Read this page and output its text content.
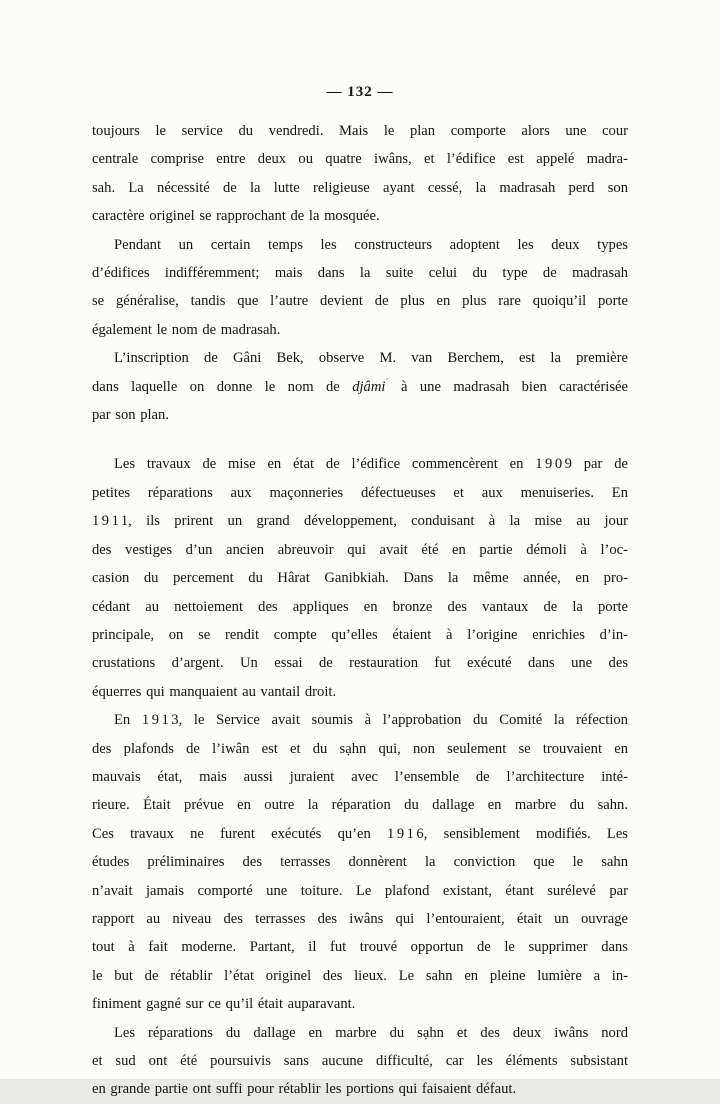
— 132 —
toujours le service du vendredi. Mais le plan comporte alors une cour
centrale comprise entre deux ou quatre iwâns, et l’édifice est appelé madra-
sah. La nécessité de la lutte religieuse ayant cessé, la madrasah perd son
caractère originel se rapprochant de la mosquée.
Pendant un certain temps les constructeurs adoptent les deux types
d’édifices indifféremment; mais dans la suite celui du type de madrasah
se généralise, tandis que l’autre devient de plus en plus rare quoiqu’il porte
également le nom de madrasah.
L’inscription de Gâni Bek, observe M. van Berchem, est la première
dans laquelle on donne le nom de djâmi$^ʿ$ à une madrasah bien caractérisée
par son plan.
Les travaux de mise en état de l’édifice commencèrent en 1909 par de
petites réparations aux maçonneries défectueuses et aux menuiseries. En
1911, ils prirent un grand développement, conduisant à la mise au jour
des vestiges d’un ancien abreuvoir qui avait été en partie démoli à l’oc-
casion du percement du Hârat Ganibkiah. Dans la même année, en pro-
cédant au nettoiement des appliques en bronze des vantaux de la porte
principale, on se rendit compte qu’elles étaient à l’origine enrichies d’in-
crustations d’argent. Un essai de restauration fut exécuté dans une des
équerres qui manquaient au vantail droit.
En 1913, le Service avait soumis à l’approbation du Comité la réfection
des plafonds de l’iwân est et du sạhn qui, non seulement se trouvaient en
mauvais état, mais aussi juraient avec l’ensemble de l’architecture inté-
rieure. Était prévue en outre la réparation du dallage en marbre du sahn.
Ces travaux ne furent exécutés qu’en 1916, sensiblement modifiés. Les
études préliminaires des terrasses donnèrent la conviction que le sahn
n’avait jamais comporté une toiture. Le plafond existant, étant surélevé par
rapport au niveau des terrasses des iwâns qui l’entouraient, était un ouvrage
tout à fait moderne. Partant, il fut trouvé opportun de le supprimer dans
le but de rétablir l’état originel des lieux. Le sahn en pleine lumière a in-
finiment gagné sur ce qu’il était auparavant.
Les réparations du dallage en marbre du sạhn et des deux iwâns nord
et sud ont été poursuivis sans aucune difficulté, car les éléments subsistant
en grande partie ont suffi pour rétablir les portions qui faisaient défaut.
